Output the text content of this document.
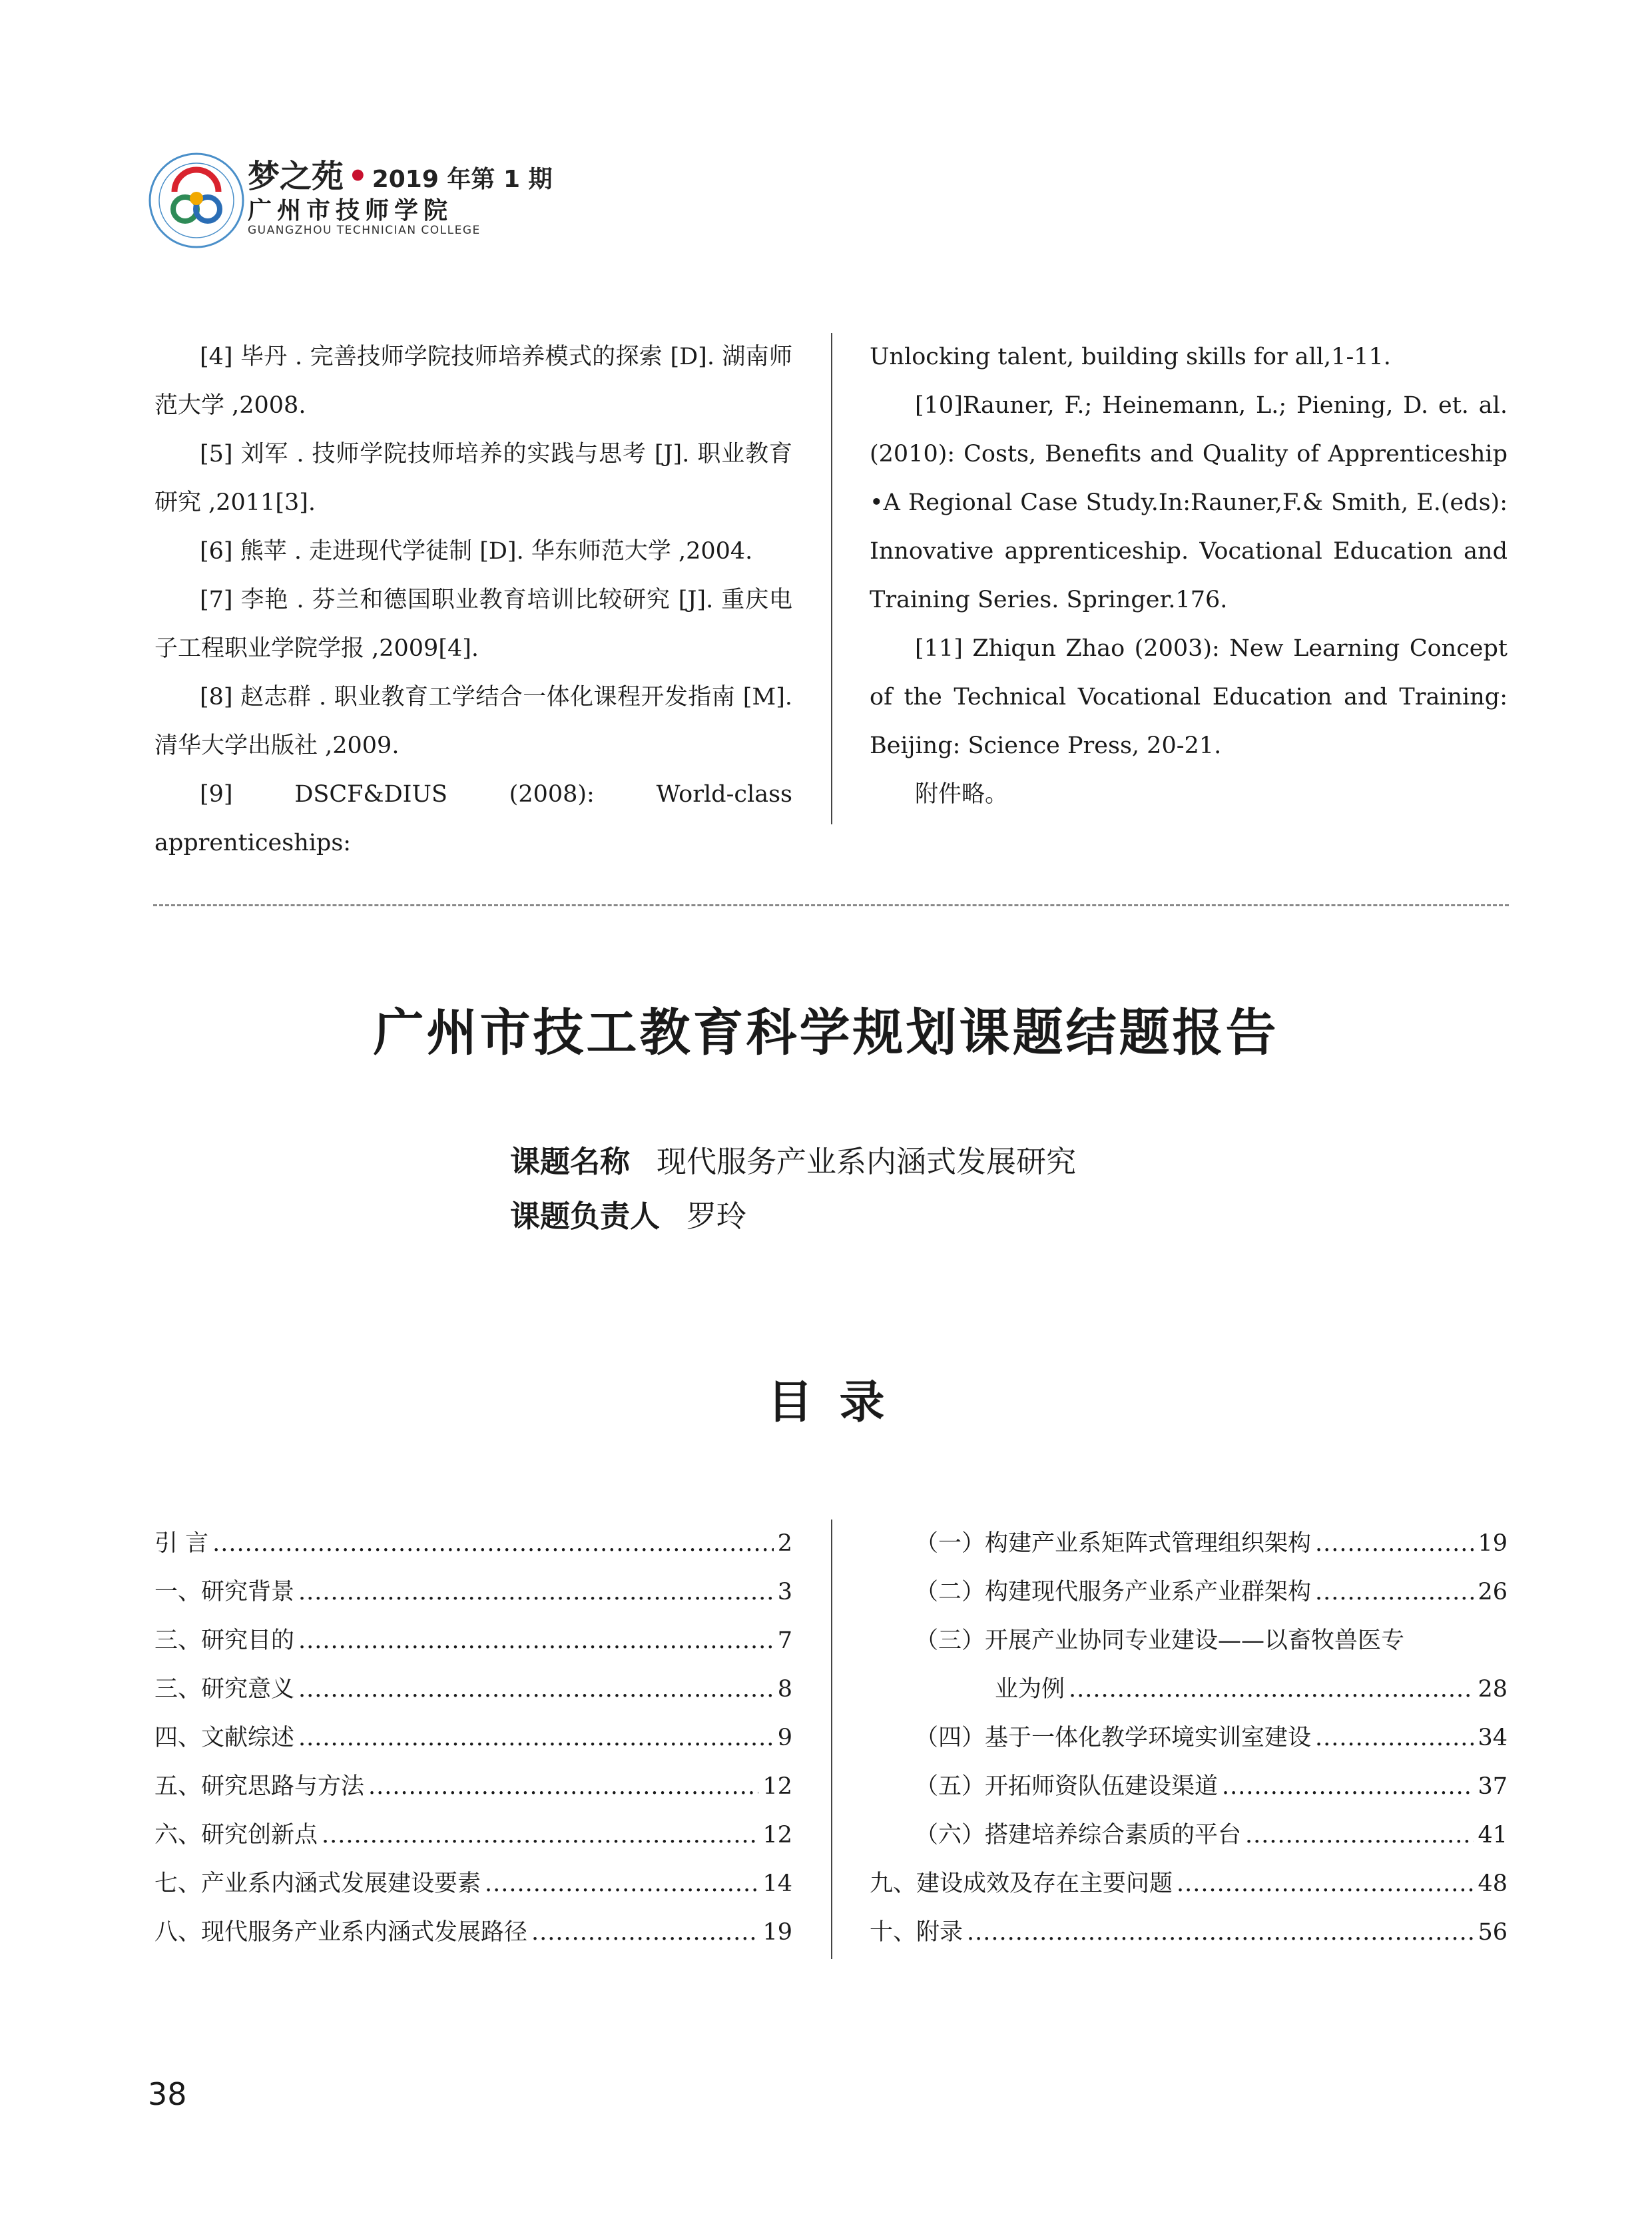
梦之苑 • 2019 年第 1 期
广州市技师学院
GUANGZHOU TECHNICIAN COLLEGE

[4] 毕丹 . 完善技师学院技师培养模式的探索 [D]. 湖南师范大学 ,2008.

[5] 刘军 . 技师学院技师培养的实践与思考 [J]. 职业教育研究 ,2011[3].

[6] 熊苹 . 走进现代学徒制 [D]. 华东师范大学 ,2004.

[7] 李艳 . 芬兰和德国职业教育培训比较研究 [J]. 重庆电子工程职业学院学报 ,2009[4].

[8] 赵志群 . 职业教育工学结合一体化课程开发指南 [M]. 清华大学出版社 ,2009.

[9] DSCF&DIUS (2008): World-class apprenticeships:

Unlocking talent, building skills for all,1-11.

[10]Rauner, F.; Heinemann, L.; Piening, D. et. al. (2010): Costs, Benefits and Quality of Apprenticeship •A Regional Case Study.In:Rauner,F.& Smith, E.(eds): Innovative apprenticeship. Vocational Education and Training Series. Springer.176.

[11] Zhiqun Zhao (2003): New Learning Concept of the Technical Vocational Education and Training: Beijing: Science Press, 20-21.

附件略。

广州市技工教育科学规划课题结题报告
课题名称 现代服务产业系内涵式发展研究
课题负责人 罗玲
目录
引 言 .....	2
一、研究背景 .....	3
三、研究目的 .....	7
三、研究意义 .....	8
四、文献综述 .....	9
五、研究思路与方法 .....	12
六、研究创新点 .....	12
七、产业系内涵式发展建设要素 .....	14
八、现代服务产业系内涵式发展路径 .....	19
（一）构建产业系矩阵式管理组织架构 .....	19
（二）构建现代服务产业系产业群架构 .....	26
（三）开展产业协同专业建设——以畜牧兽医专
业为例 .....	28
（四）基于一体化教学环境实训室建设 .....	34
（五）开拓师资队伍建设渠道 .....	37
（六）搭建培养综合素质的平台 .....	41
九、建设成效及存在主要问题 .....	48
十、附录 .....	56
38
